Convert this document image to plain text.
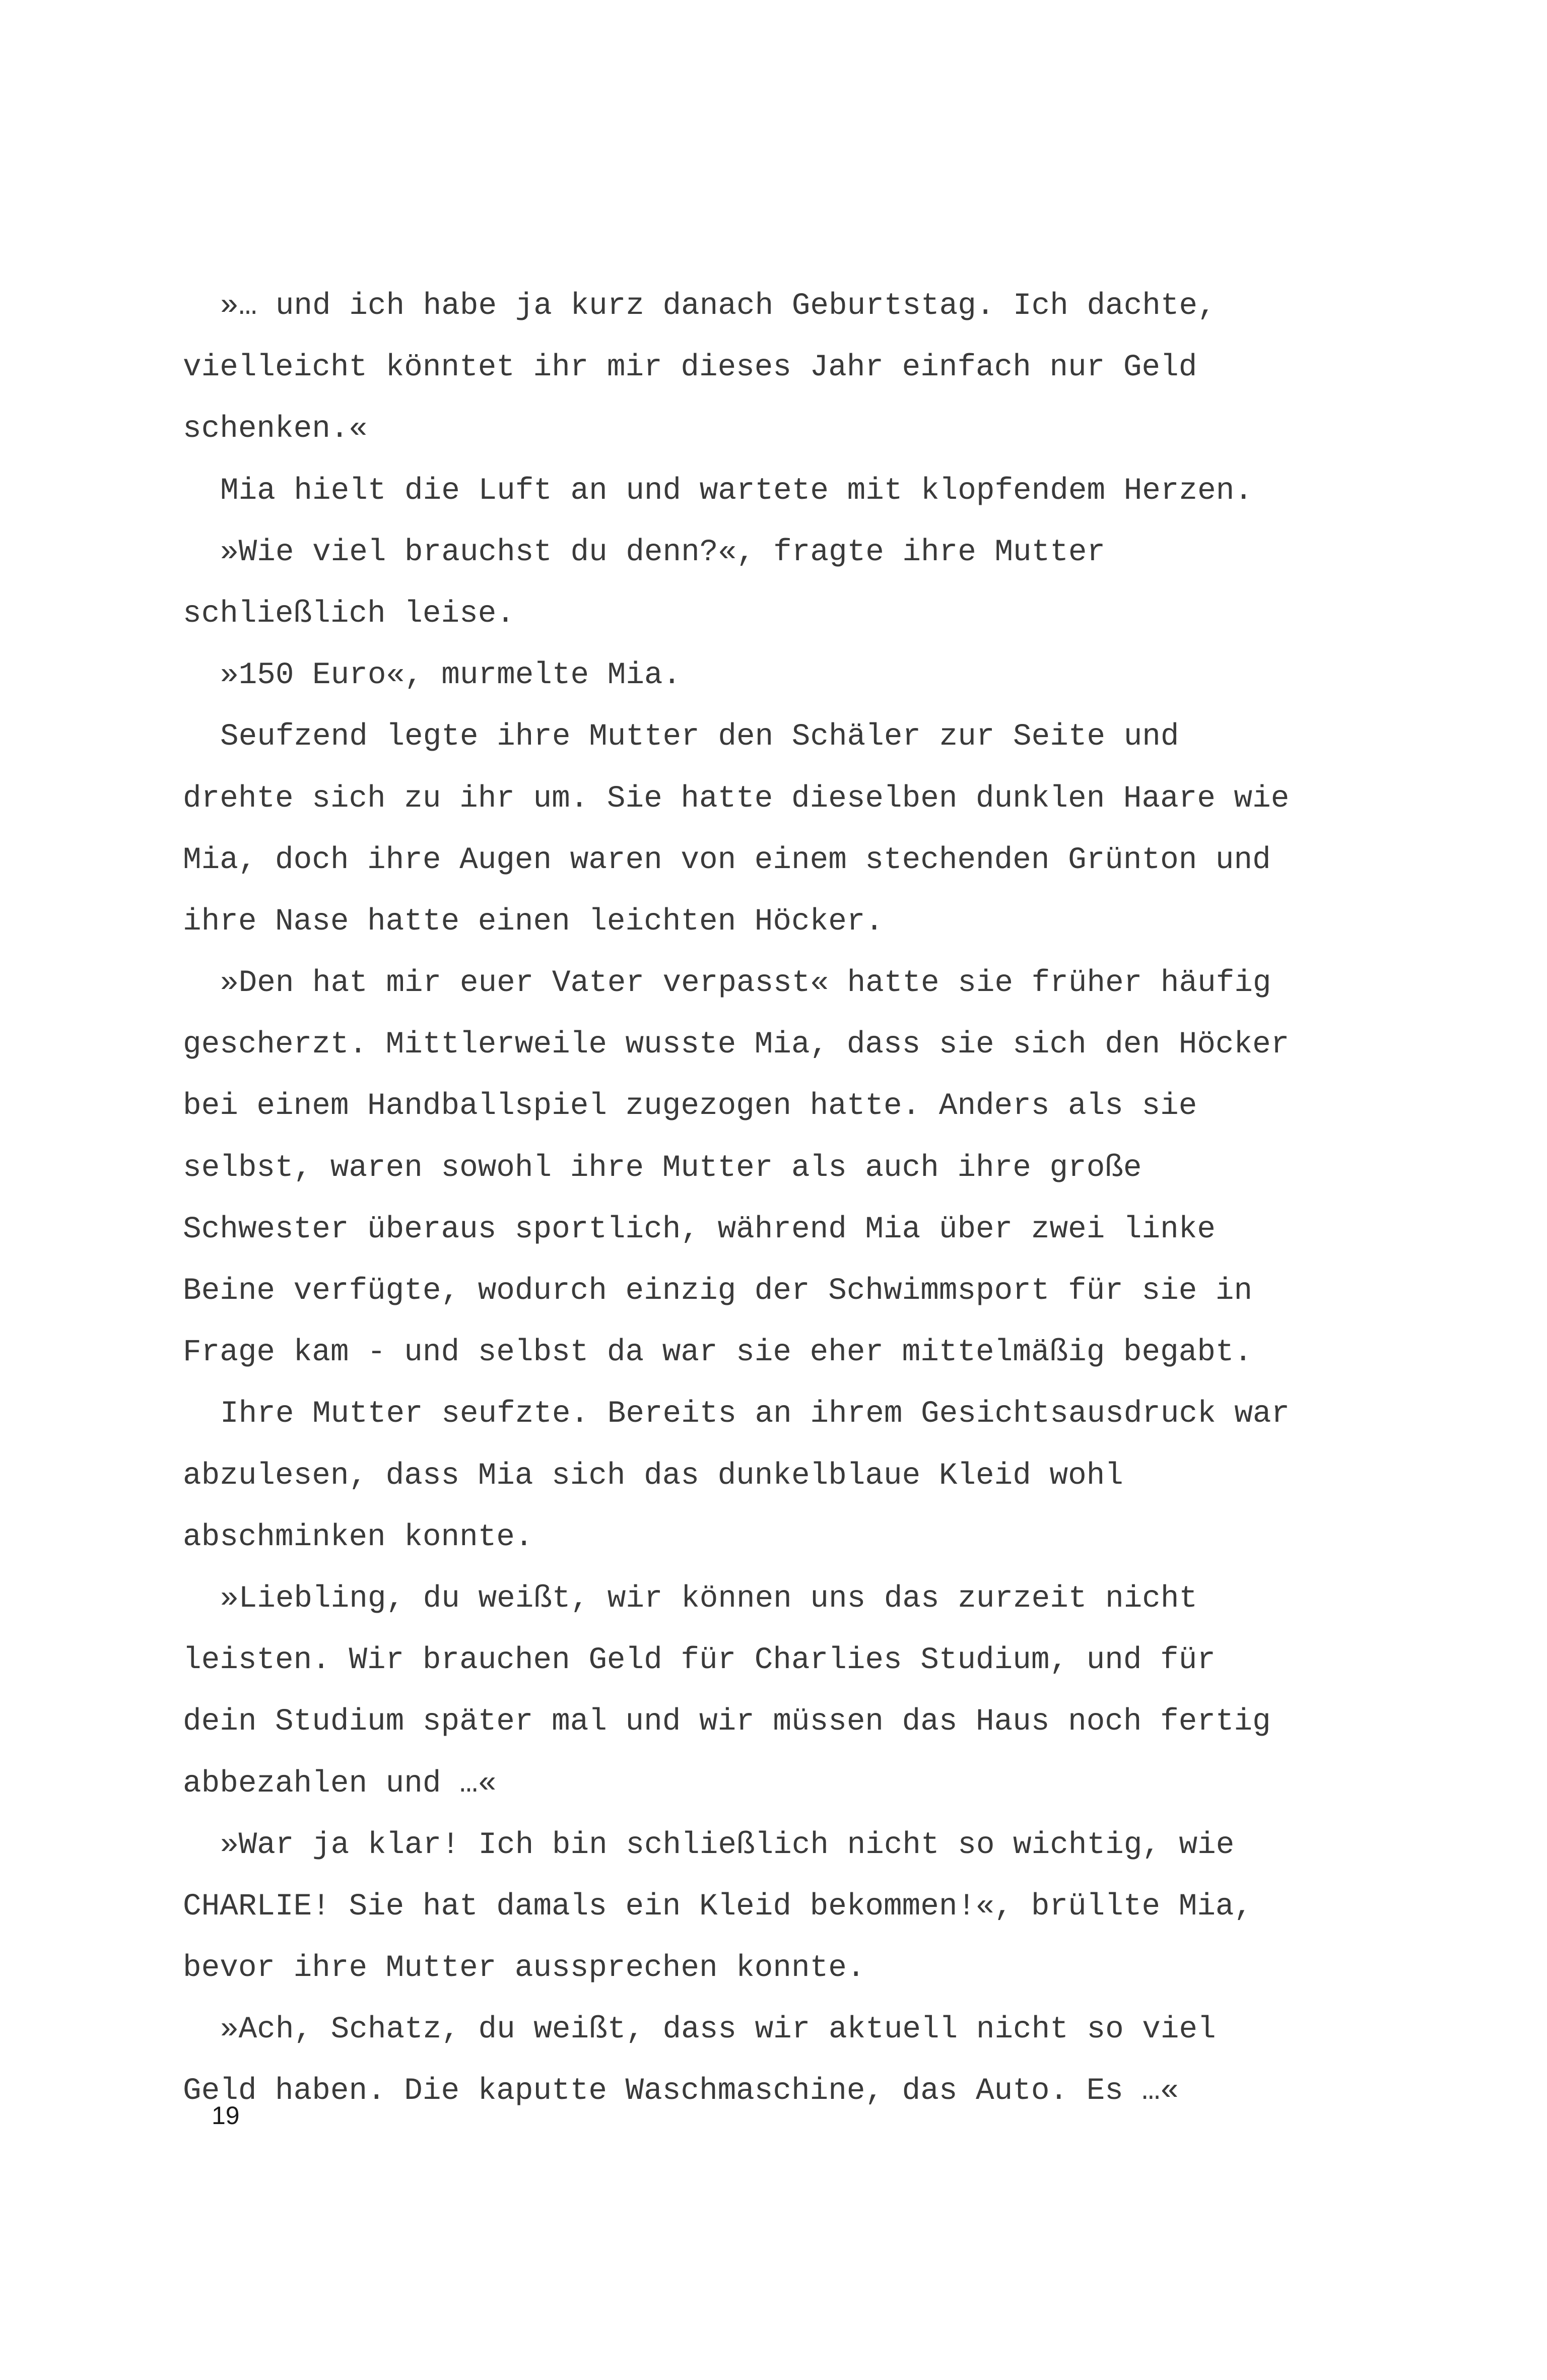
»… und ich habe ja kurz danach Geburtstag. Ich dachte,
vielleicht könntet ihr mir dieses Jahr einfach nur Geld
schenken.«
Mia hielt die Luft an und wartete mit klopfendem Herzen.
»Wie viel brauchst du denn?«, fragte ihre Mutter
schließlich leise.
»150 Euro«, murmelte Mia.
Seufzend legte ihre Mutter den Schäler zur Seite und
drehte sich zu ihr um. Sie hatte dieselben dunklen Haare wie
Mia, doch ihre Augen waren von einem stechenden Grünton und
ihre Nase hatte einen leichten Höcker.
»Den hat mir euer Vater verpasst« hatte sie früher häufig
gescherzt. Mittlerweile wusste Mia, dass sie sich den Höcker
bei einem Handballspiel zugezogen hatte. Anders als sie
selbst, waren sowohl ihre Mutter als auch ihre große
Schwester überaus sportlich, während Mia über zwei linke
Beine verfügte, wodurch einzig der Schwimmsport für sie in
Frage kam - und selbst da war sie eher mittelmäßig begabt.
Ihre Mutter seufzte. Bereits an ihrem Gesichtsausdruck war
abzulesen, dass Mia sich das dunkelblaue Kleid wohl
abschminken konnte.
»Liebling, du weißt, wir können uns das zurzeit nicht
leisten. Wir brauchen Geld für Charlies Studium, und für
dein Studium später mal und wir müssen das Haus noch fertig
abbezahlen und …«
»War ja klar! Ich bin schließlich nicht so wichtig, wie
CHARLIE! Sie hat damals ein Kleid bekommen!«, brüllte Mia,
bevor ihre Mutter aussprechen konnte.
»Ach, Schatz, du weißt, dass wir aktuell nicht so viel
Geld haben. Die kaputte Waschmaschine, das Auto. Es …«
19
